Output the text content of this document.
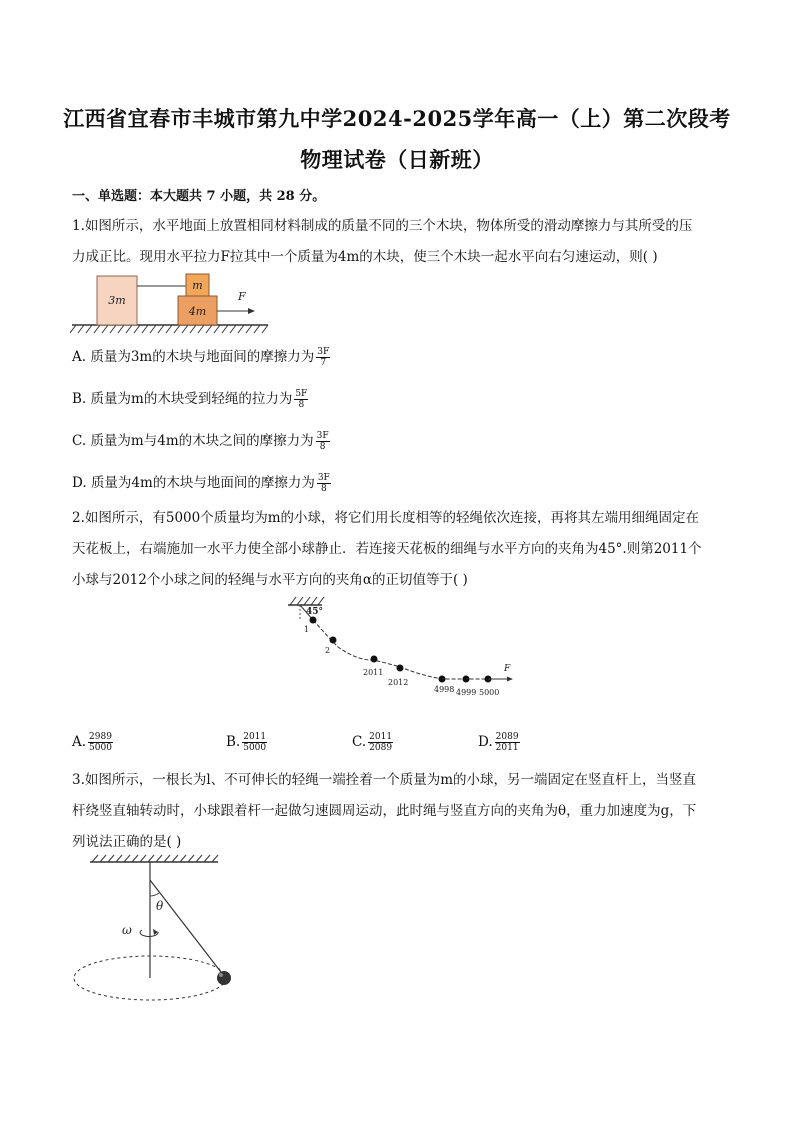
江西省宜春市丰城市第九中学2024-2025学年高一（上）第二次段考
物理试卷（日新班）
一、单选题：本大题共 7 小题，共 28 分。
1.如图所示，水平地面上放置相同材料制成的质量不同的三个木块，物体所受的滑动摩擦力与其所受的压
力成正比。现用水平拉力F拉其中一个质量为4m的木块，使三个木块一起水平向右匀速运动，则( )
3m
m
4m
F
A. 质量为3m的木块与地面间的摩擦力为 $\frac{3F}{7}$
B. 质量为m的木块受到轻绳的拉力为 $\frac{5F}{8}$
C. 质量为m与4m的木块之间的摩擦力为 $\frac{3F}{8}$
D. 质量为4m的木块与地面间的摩擦力为 $\frac{3F}{8}$
2.如图所示，有5000个质量均为m的小球，将它们用长度相等的轻绳依次连接，再将其左端用细绳固定在
天花板上，右端施加一水平力使全部小球静止．若连接天花板的细绳与水平方向的夹角为45°.则第2011个
小球与2012个小球之间的轻绳与水平方向的夹角α的正切值等于( )
45°
F
1
2
2011
2012
4998 4999 5000
A. $\frac{2989}{5000}$	B. $\frac{2011}{5000}$	C. $\frac{2011}{2089}$	D. $\frac{2089}{2011}$
3.如图所示，一根长为l、不可伸长的轻绳一端拴着一个质量为m的小球，另一端固定在竖直杆上，当竖直
杆绕竖直轴转动时，小球跟着杆一起做匀速圆周运动，此时绳与竖直方向的夹角为θ，重力加速度为g，下
列说法正确的是( )
θ
ω
